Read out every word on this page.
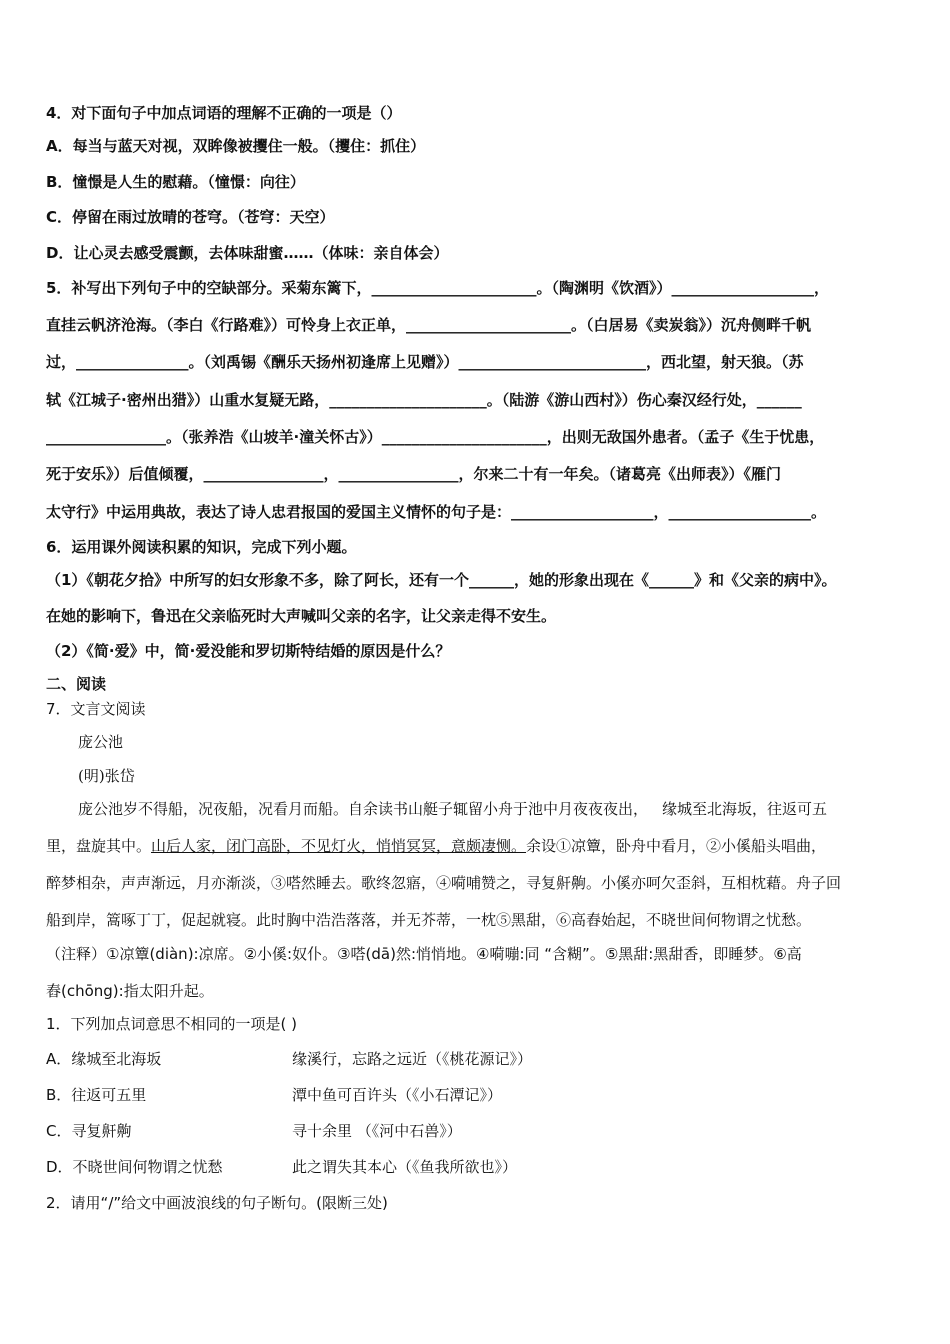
4．对下面句子中加点词语的理解不正确的一项是（）
A．每当与蓝天对视，双眸像被攫住一般。（攫住：抓住）
B．憧憬是人生的慰藉。（憧憬：向往）
C．停留在雨过放晴的苍穹。（苍穹：天空）
D．让心灵去感受震颤，去体味甜蜜……（体味：亲自体会）
5．补写出下列句子中的空缺部分。采菊东篱下，______________________。（陶渊明《饮酒》）___________________，
直挂云帆济沧海。（李白《行路难》）可怜身上衣正单，______________________。（白居易《卖炭翁》）沉舟侧畔千帆
过，_______________。（刘禹锡《酬乐天扬州初逢席上见赠》）_________________________，西北望，射天狼。（苏
轼《江城子·密州出猎》）山重水复疑无路，_____________________。（陆游《游山西村》）伤心秦汉经行处，______
________________。（张养浩《山坡羊·潼关怀古》）______________________，出则无敌国外患者。（孟子《生于忧患，
死于安乐》）后值倾覆，________________，________________，尔来二十有一年矣。（诸葛亮《出师表》）《雁门
太守行》中运用典故，表达了诗人忠君报国的爱国主义情怀的句子是：___________________，___________________。
6．运用课外阅读积累的知识，完成下列小题。
（1）《朝花夕拾》中所写的妇女形象不多，除了阿长，还有一个______，她的形象出现在《______》和《父亲的病中》。
在她的影响下，鲁迅在父亲临死时大声喊叫父亲的名字，让父亲走得不安生。
（2）《简·爱》中，简·爱没能和罗切斯特结婚的原因是什么？
二、阅读
7．文言文阅读
庞公池
(明)张岱
庞公池岁不得船，况夜船，况看月而船。自余读书山艇子辄留小舟于池中月夜夜夜出， 缘城至北海坂，往返可五
里，盘旋其中。山后人家，闭门高卧，不见灯火，悄悄冥冥，意颇凄恻。余设①凉簟，卧舟中看月，②小傒船头唱曲，
醉梦相杂，声声渐远，月亦渐淡，③嗒然睡去。歌终忽寤，④嗬哺赞之，寻复鼾齁。小傒亦呵欠歪斜，互相枕藉。舟子回
船到岸，篙啄丁丁，促起就寝。此时胸中浩浩落落，并无芥蒂，一枕⑤黑甜，⑥高舂始起，不晓世间何物谓之忧愁。
（注释）①凉簟(diàn):凉席。②小傒:奴仆。③嗒(dā)然:悄悄地。④嗬嘣:同 “含糊”。⑤黑甜:黑甜香，即睡梦。⑥高
舂(chōng):指太阳升起。
1．下列加点词意思不相同的一项是( )
A．缘城至北海坂	缘溪行，忘路之远近（《桃花源记》）
B．往返可五里	潭中鱼可百许头（《小石潭记》）
C．寻复鼾齁	寻十余里 （《河中石兽》）
D．不晓世间何物谓之忧愁	此之谓失其本心（《鱼我所欲也》）
2．请用“/”给文中画波浪线的句子断句。(限断三处)
